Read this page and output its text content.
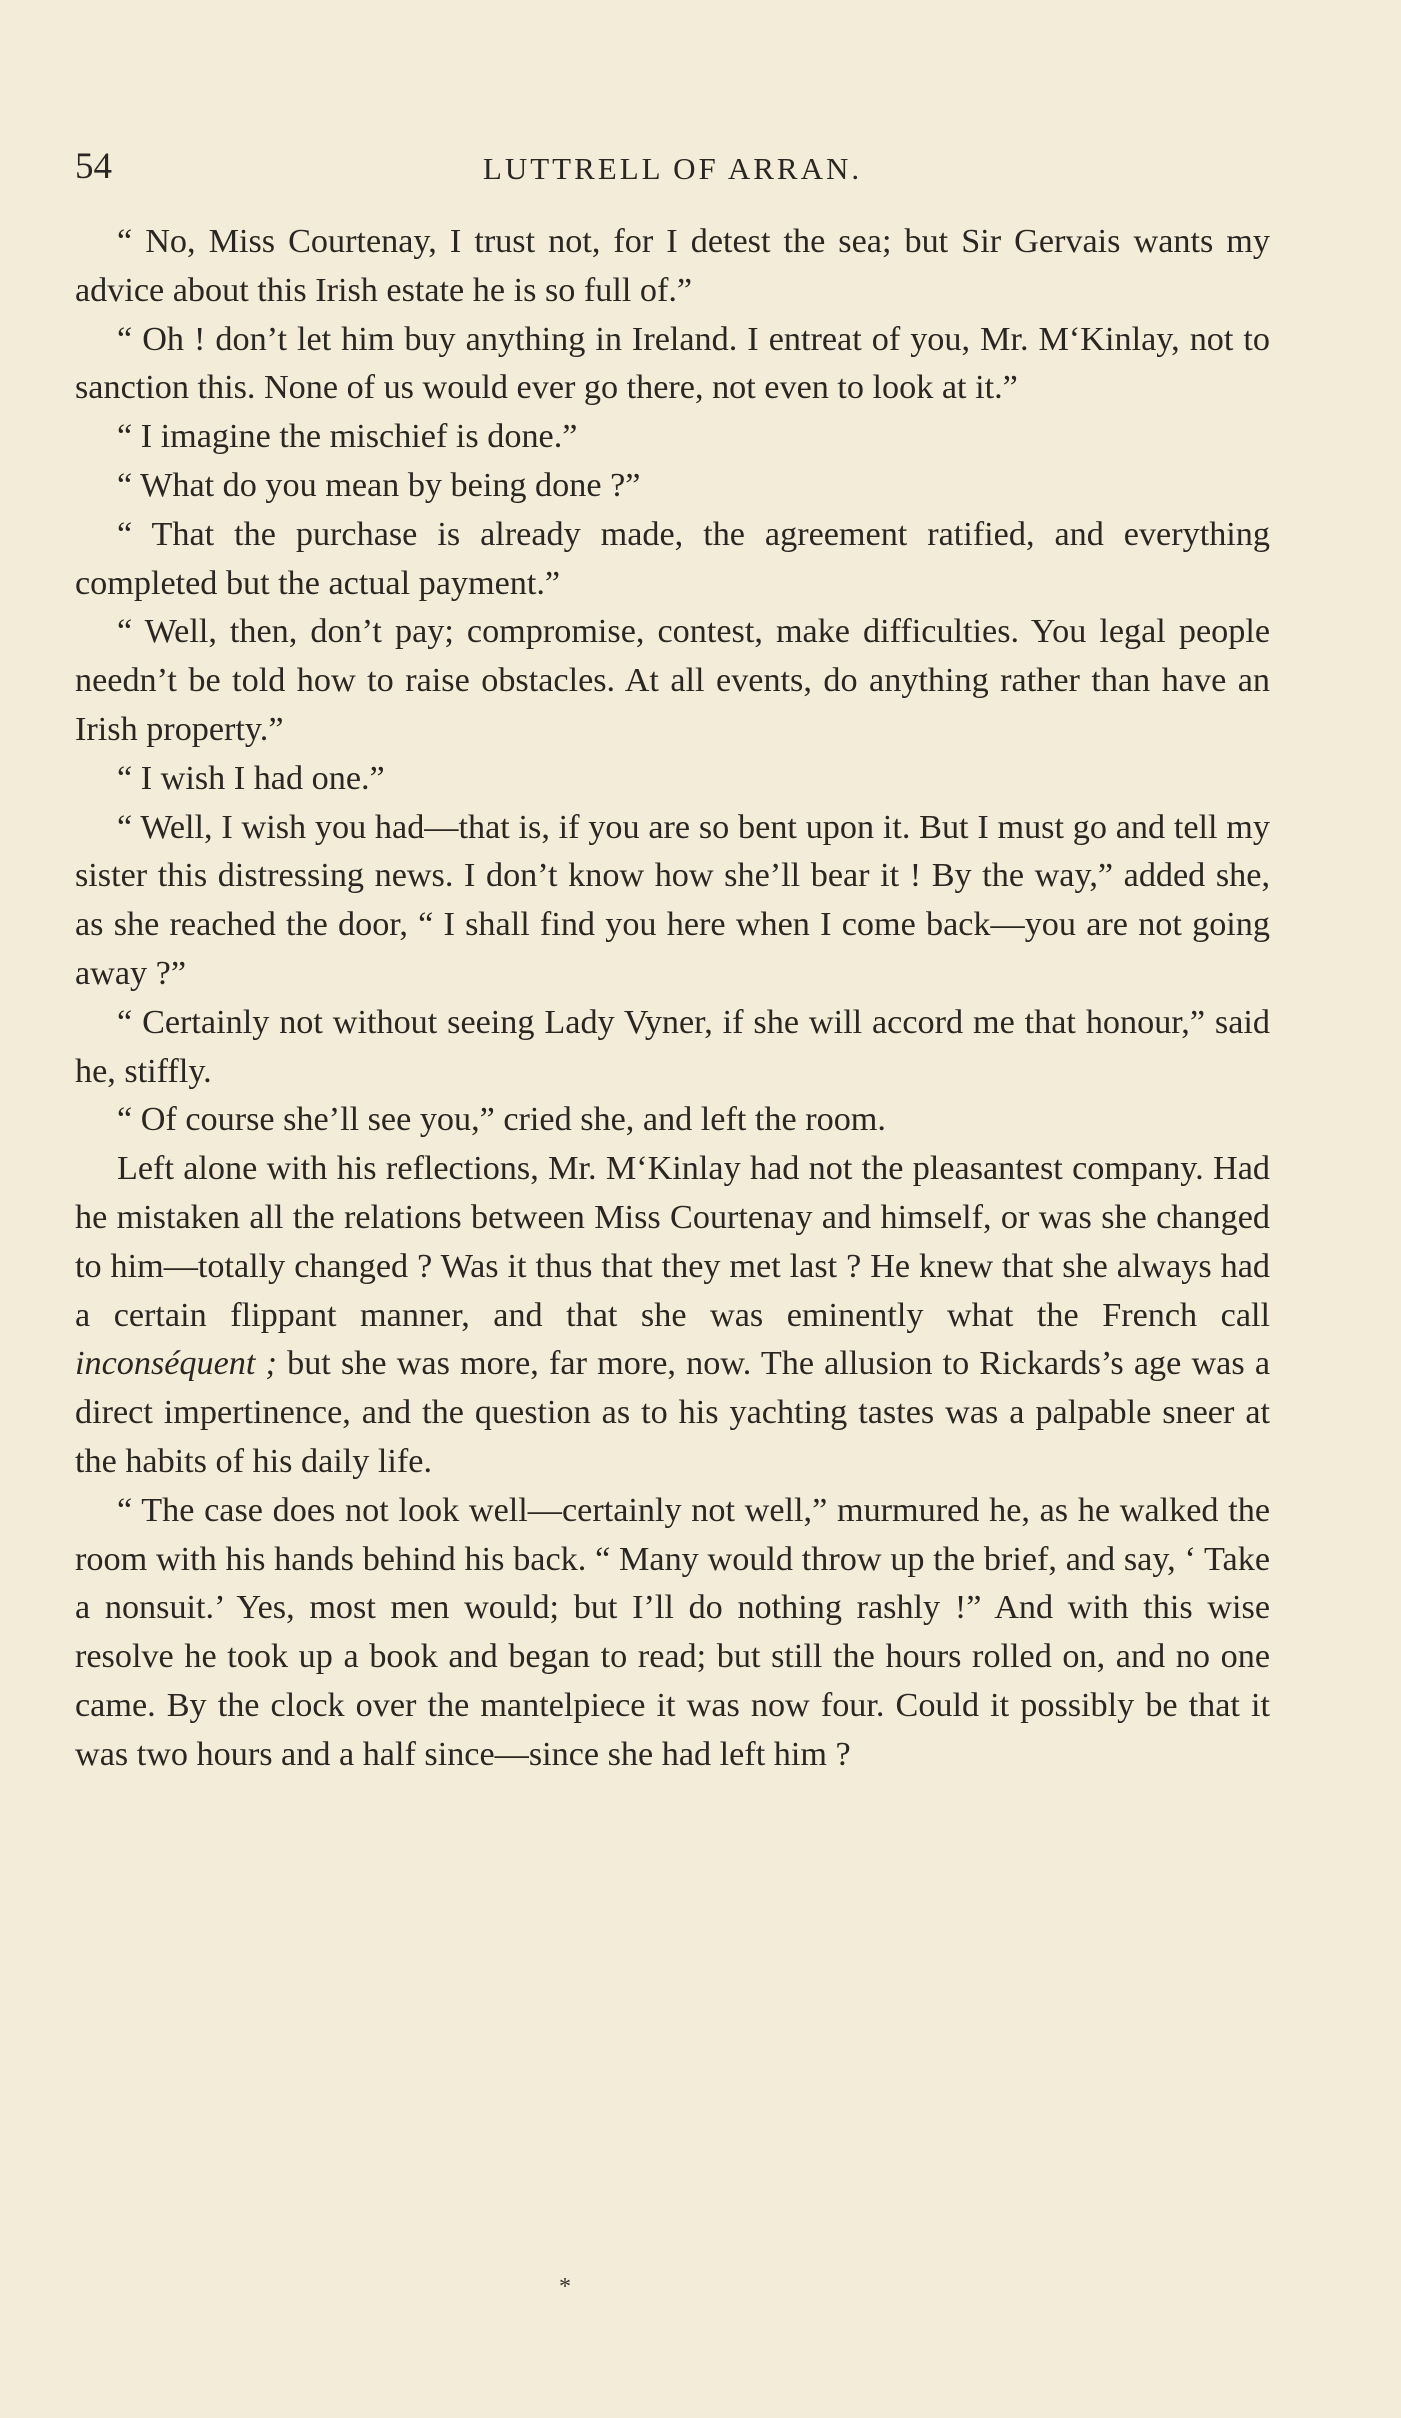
54	LUTTRELL OF ARRAN.

“ No, Miss Courtenay, I trust not, for I detest the sea; but Sir Gervais wants my advice about this Irish estate he is so full of.”

“ Oh ! don’t let him buy anything in Ireland. I entreat of you, Mr. M‘Kinlay, not to sanction this. None of us would ever go there, not even to look at it.”

“ I imagine the mischief is done.”

“ What do you mean by being done ?”

“ That the purchase is already made, the agreement ratified, and everything completed but the actual payment.”

“ Well, then, don’t pay; compromise, contest, make difficulties. You legal people needn’t be told how to raise obstacles. At all events, do anything rather than have an Irish property.”

“ I wish I had one.”

“ Well, I wish you had—that is, if you are so bent upon it. But I must go and tell my sister this distressing news. I don’t know how she’ll bear it ! By the way,” added she, as she reached the door, “ I shall find you here when I come back—you are not going away ?”

“ Certainly not without seeing Lady Vyner, if she will accord me that honour,” said he, stiffly.

“ Of course she’ll see you,” cried she, and left the room.

Left alone with his reflections, Mr. M‘Kinlay had not the pleasantest company. Had he mistaken all the relations between Miss Courtenay and himself, or was she changed to him—totally changed ? Was it thus that they met last ? He knew that she always had a certain flippant manner, and that she was eminently what the French call inconséquent ; but she was more, far more, now. The allusion to Rickards’s age was a direct impertinence, and the question as to his yachting tastes was a palpable sneer at the habits of his daily life.

“ The case does not look well—certainly not well,” murmured he, as he walked the room with his hands behind his back. “ Many would throw up the brief, and say, ‘ Take a nonsuit.’ Yes, most men would; but I’ll do nothing rashly !” And with this wise resolve he took up a book and began to read; but still the hours rolled on, and no one came. By the clock over the mantelpiece it was now four. Could it possibly be that it was two hours and a half since—since she had left him ?

*
